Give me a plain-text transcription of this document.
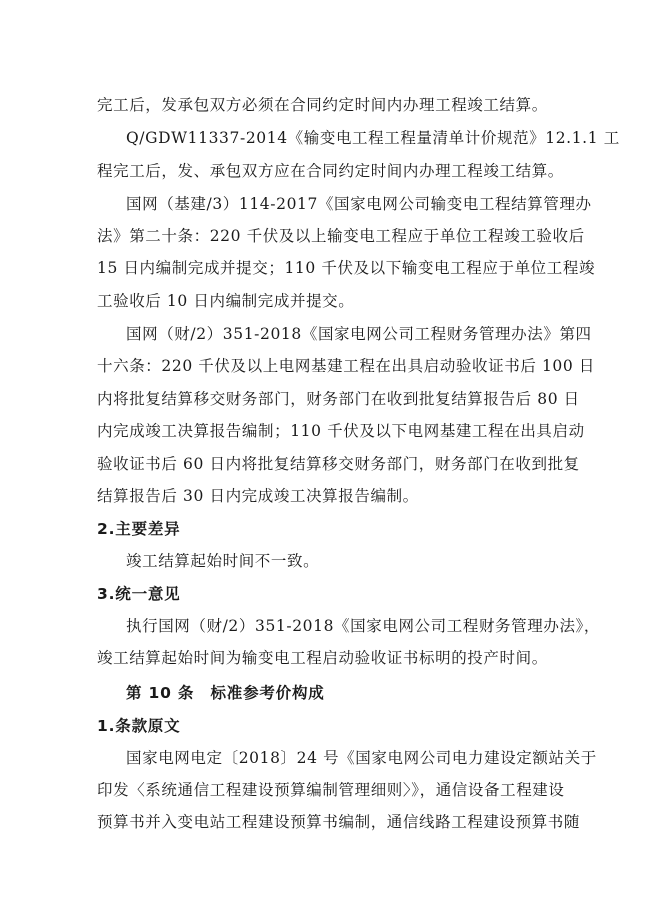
完工后，发承包双方必须在合同约定时间内办理工程竣工结算。
Q/GDW11337-2014《输变电工程工程量清单计价规范》12.1.1 工
程完工后，发、承包双方应在合同约定时间内办理工程竣工结算。
国网（基建/3）114-2017《国家电网公司输变电工程结算管理办
法》第二十条：220 千伏及以上输变电工程应于单位工程竣工验收后
15 日内编制完成并提交；110 千伏及以下输变电工程应于单位工程竣
工验收后 10 日内编制完成并提交。
国网（财/2）351-2018《国家电网公司工程财务管理办法》第四
十六条：220 千伏及以上电网基建工程在出具启动验收证书后 100 日
内将批复结算移交财务部门，财务部门在收到批复结算报告后 80 日
内完成竣工决算报告编制；110 千伏及以下电网基建工程在出具启动
验收证书后 60 日内将批复结算移交财务部门，财务部门在收到批复
结算报告后 30 日内完成竣工决算报告编制。
2.主要差异
竣工结算起始时间不一致。
3.统一意见
执行国网（财/2）351-2018《国家电网公司工程财务管理办法》，
竣工结算起始时间为输变电工程启动验收证书标明的投产时间。
第 10 条　标准参考价构成
1.条款原文
国家电网电定〔2018〕24 号《国家电网公司电力建设定额站关于
印发〈系统通信工程建设预算编制管理细则〉》，通信设备工程建设
预算书并入变电站工程建设预算书编制，通信线路工程建设预算书随
